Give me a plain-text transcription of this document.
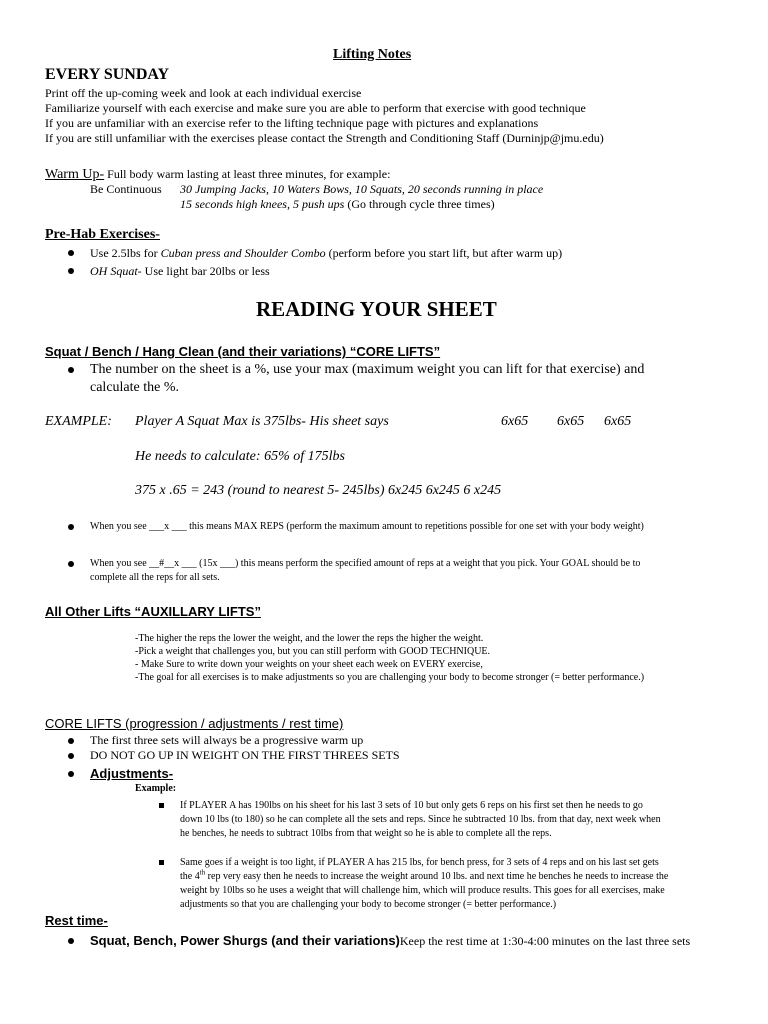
Lifting Notes
EVERY SUNDAY
Print off the up-coming week and look at each individual exercise
Familiarize yourself with each exercise and make sure you are able to perform that exercise with good technique
If you are unfamiliar with an exercise refer to the lifting technique page with pictures and explanations
If you are still unfamiliar with the exercises please contact the Strength and Conditioning Staff (Durninjp@jmu.edu)
Warm Up- Full body warm lasting at least three minutes, for example:
Be Continuous 30 Jumping Jacks, 10 Waters Bows, 10 Squats, 20 seconds running in place
15 seconds high knees, 5 push ups (Go through cycle three times)
Pre-Hab Exercises-
Use 2.5lbs for Cuban press and Shoulder Combo (perform before you start lift, but after warm up)
OH Squat- Use light bar 20lbs or less
READING YOUR SHEET
Squat / Bench / Hang Clean (and their variations) “CORE LIFTS”
The number on the sheet is a %, use your max (maximum weight you can lift for that exercise) and
calculate the %.
EXAMPLE: Player A Squat Max is 375lbs- His sheet says	6x65 6x65 6x65
He needs to calculate: 65% of 175lbs
375 x .65 = 243 (round to nearest 5- 245lbs) 6x245 6x245 6 x245
When you see ___x ___ this means MAX REPS (perform the maximum amount to repetitions possible for one set with your body weight)
When you see __#__x ___ (15x ___) this means perform the specified amount of reps at a weight that you pick. Your GOAL should be to
complete all the reps for all sets.
All Other Lifts “AUXILLARY LIFTS”
-The higher the reps the lower the weight, and the lower the reps the higher the weight.
-Pick a weight that challenges you, but you can still perform with GOOD TECHNIQUE.
- Make Sure to write down your weights on your sheet each week on EVERY exercise,
-The goal for all exercises is to make adjustments so you are challenging your body to become stronger (= better performance.)
CORE LIFTS (progression / adjustments / rest time)
The first three sets will always be a progressive warm up
DO NOT GO UP IN WEIGHT ON THE FIRST THREES SETS
Adjustments-
Example:
If PLAYER A has 190lbs on his sheet for his last 3 sets of 10 but only gets 6 reps on his first set then he needs to go
down 10 lbs (to 180) so he can complete all the sets and reps. Since he subtracted 10 lbs. from that day, next week when
he benches, he needs to subtract 10lbs from that weight so he is able to complete all the reps.
Same goes if a weight is too light, if PLAYER A has 215 lbs, for bench press, for 3 sets of 4 reps and on his last set gets
the 4th rep very easy then he needs to increase the weight around 10 lbs. and next time he benches he needs to increase the
weight by 10lbs so he uses a weight that will challenge him, which will produce results. This goes for all exercises, make
adjustments so that you are challenging your body to become stronger (= better performance.)
Rest time-
Squat, Bench, Power Shurgs (and their variations)Keep the rest time at 1:30-4:00 minutes on the last three sets
